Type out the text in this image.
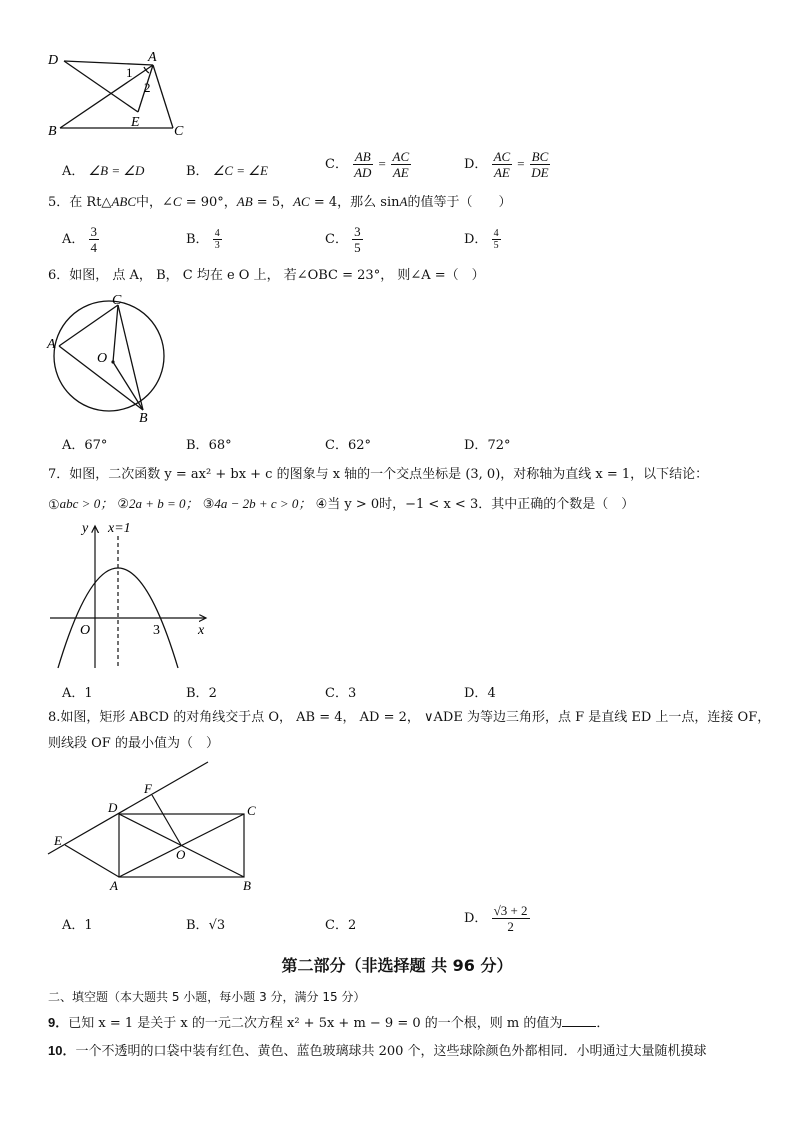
D	A
B
E
C
1
2
A． ∠B = ∠D	B． ∠C = ∠E	C． $\frac{AB}{AD} = \frac{AC}{AE}$	D． $\frac{AC}{AE} = \frac{BC}{DE}$
5．在 Rt△ABC中，∠C = 90°，AB = 5，AC = 4，那么 sinA的值等于（　　）
A． $\frac{3}{4}$	B． $\frac{4}{3}$	C． $\frac{3}{5}$	D． $\frac{4}{5}$
6．如图， 点 A， B， C 均在 e O 上， 若∠OBC = 23°， 则∠A =（　）
C
A
O
B
A．67°	B．68°	C．62°	D．72°
7．如图，二次函数 y = ax² + bx + c 的图象与 x 轴的一个交点坐标是 (3, 0)，对称轴为直线 x = 1，以下结论：
①abc > 0； ②2a + b = 0； ③4a − 2b + c > 0； ④当 y > 0时，−1 < x < 3．其中正确的个数是（　）
y x=1
O	3	x
A．1	B．2	C．3	D．4
8.如图，矩形 ABCD 的对角线交于点 O， AB = 4， AD = 2， ∨ADE 为等边三角形，点 F 是直线 ED 上一点，连接 OF，
则线段 OF 的最小值为（　）
F
D	C
E
O
A	B
A．1	B．√3	C．2	D． $\frac{√3 + 2}{2}$
第二部分（非选择题 共 96 分）
二、填空题（本大题共 5 小题，每小题 3 分，满分 15 分）
9．已知 x = 1 是关于 x 的一元二次方程 x² + 5x + m − 9 = 0 的一个根，则 m 的值为	．
10．一个不透明的口袋中装有红色、黄色、蓝色玻璃球共 200 个，这些球除颜色外都相同．小明通过大量随机摸球
